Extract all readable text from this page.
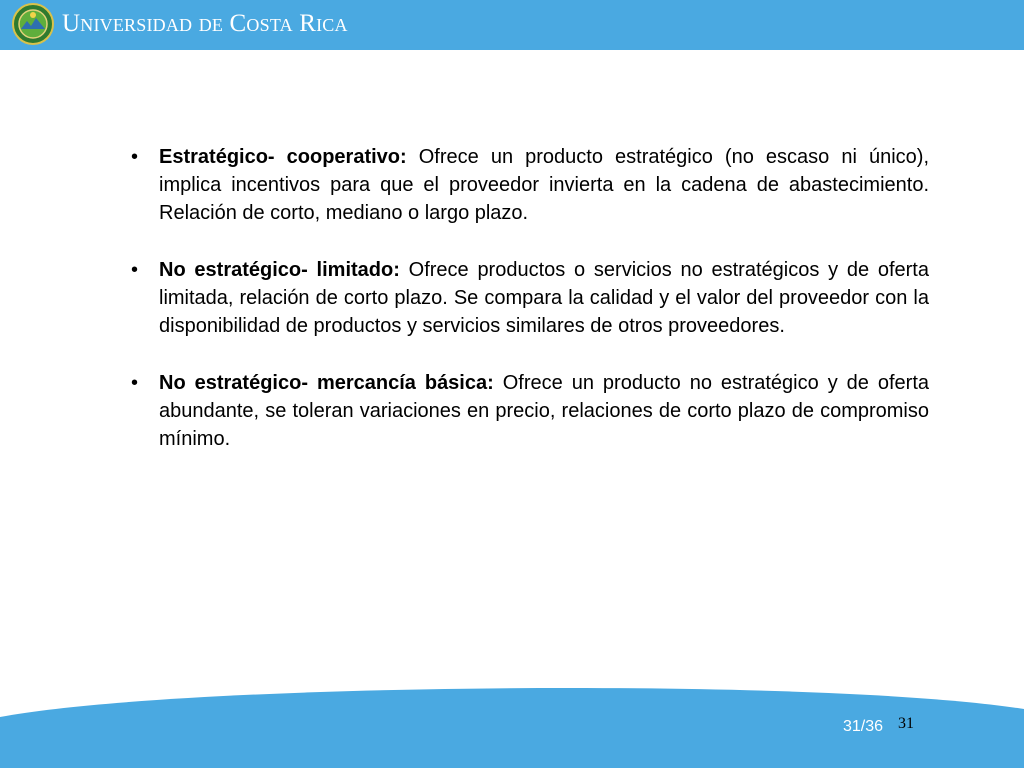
Universidad de Costa Rica
•	Estratégico- cooperativo: Ofrece un producto estratégico (no escaso ni único), implica incentivos para que el proveedor invierta en la cadena de abastecimiento. Relación de corto, mediano o largo plazo.
•	No estratégico- limitado: Ofrece productos o servicios no estratégicos y de oferta limitada, relación de corto plazo. Se compara la calidad y el valor del proveedor con la disponibilidad de productos y servicios similares de otros proveedores.
•	No estratégico- mercancía básica: Ofrece un producto no estratégico y de oferta abundante, se toleran variaciones en precio, relaciones de corto plazo de compromiso mínimo.
31/36 31
